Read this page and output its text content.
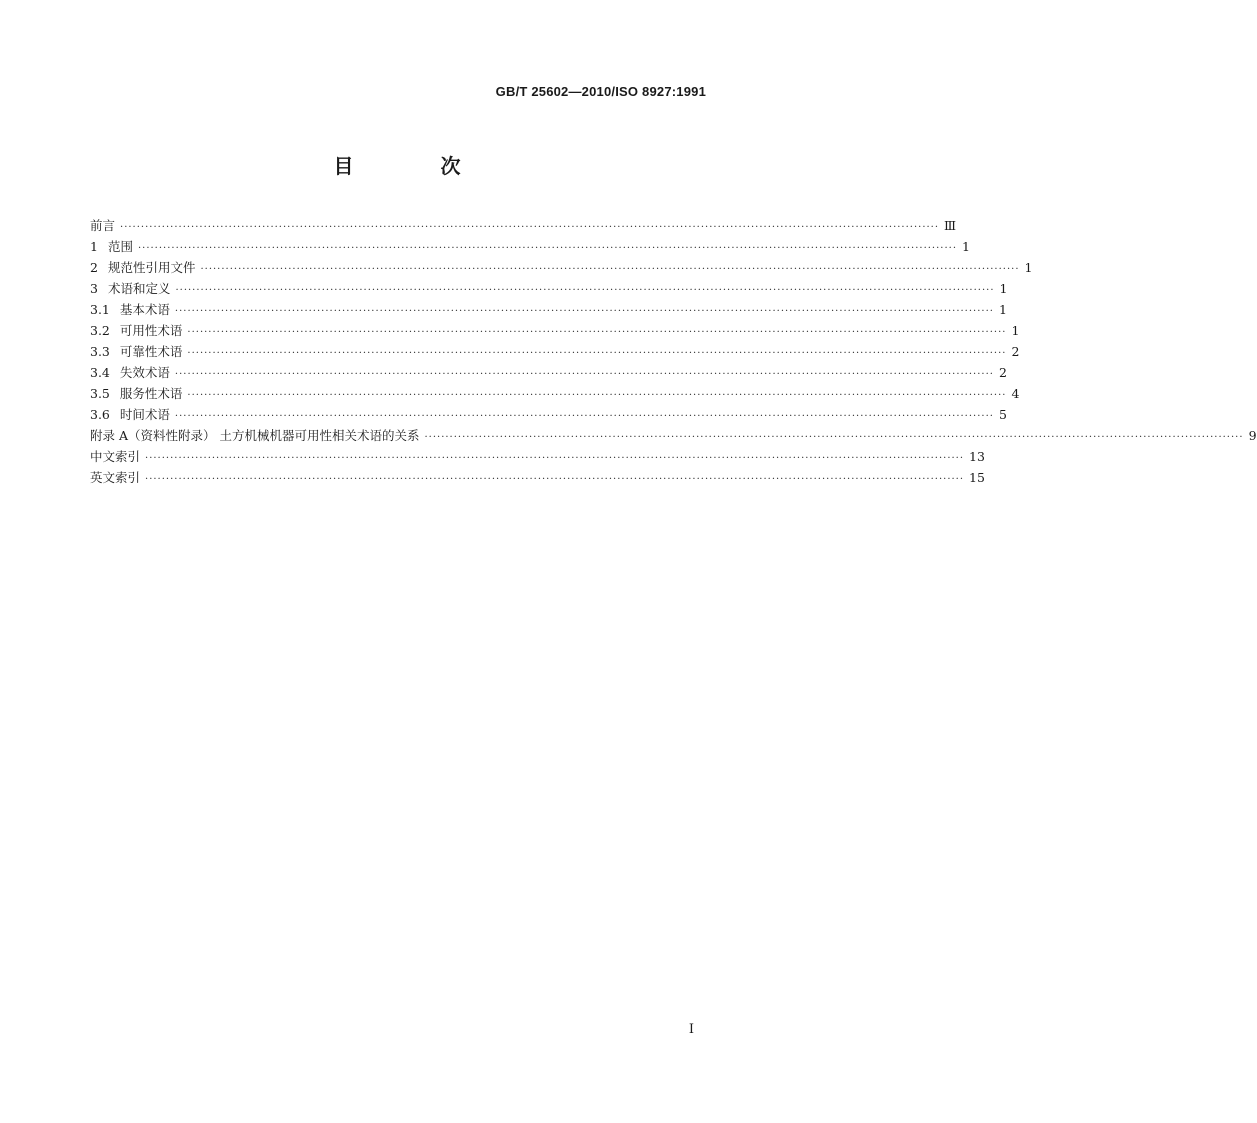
GB/T 25602—2010/ISO 8927:1991
目 次
前言 ···································································································································································································· Ⅲ
1 范围 ···································································································································································································· 1
2 规范性引用文件 ···································································································································································································· 1
3 术语和定义 ···································································································································································································· 1
3.1 基本术语 ···································································································································································································· 1
3.2 可用性术语 ···································································································································································································· 1
3.3 可靠性术语 ···································································································································································································· 2
3.4 失效术语 ···································································································································································································· 2
3.5 服务性术语 ···································································································································································································· 4
3.6 时间术语 ···································································································································································································· 5
附录 A（资料性附录） 土方机械机器可用性相关术语的关系 ···································································································································································································· 9
中文索引 ···································································································································································································· 13
英文索引 ···································································································································································································· 15
Ⅰ
